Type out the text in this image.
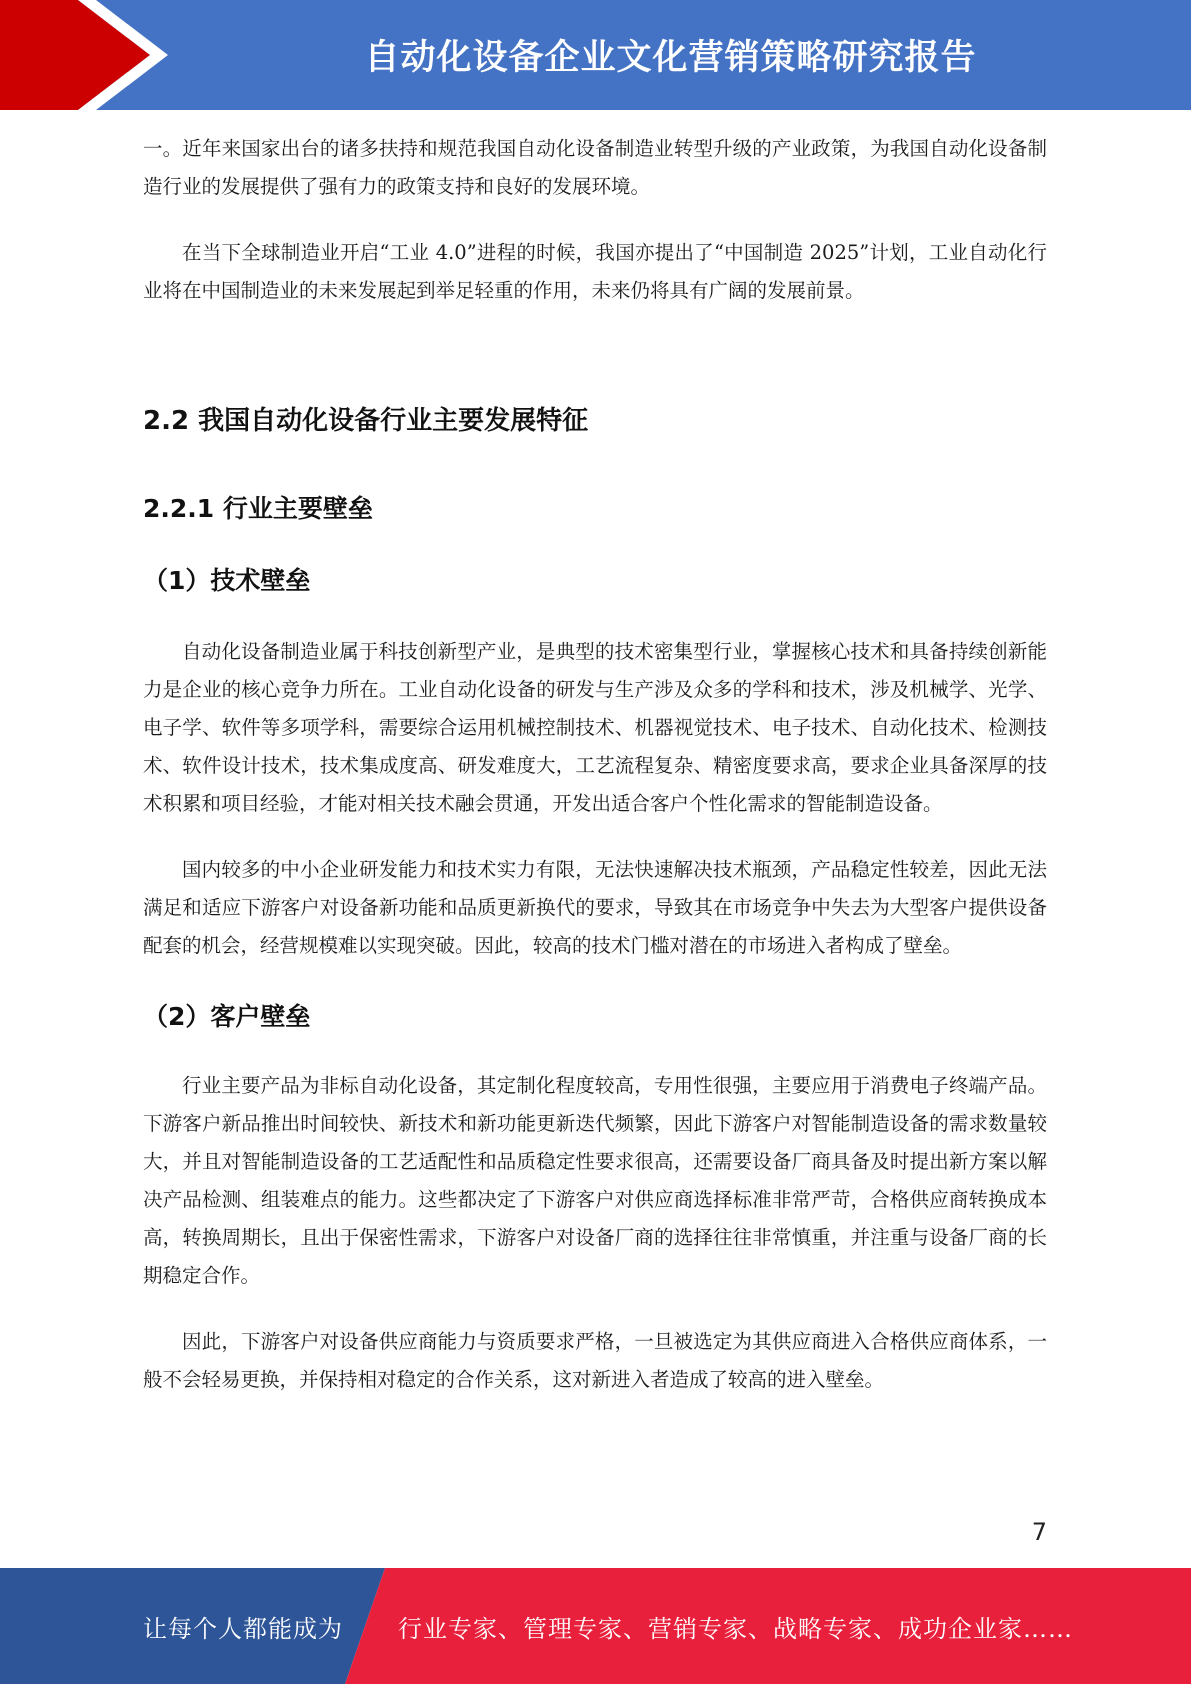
自动化设备企业文化营销策略研究报告

一。近年来国家出台的诸多扶持和规范我国自动化设备制造业转型升级的产业政策，为我国自动化设备制造行业的发展提供了强有力的政策支持和良好的发展环境。

在当下全球制造业开启“工业 4.0”进程的时候，我国亦提出了“中国制造 2025”计划，工业自动化行业将在中国制造业的未来发展起到举足轻重的作用，未来仍将具有广阔的发展前景。

2.2 我国自动化设备行业主要发展特征
2.2.1 行业主要壁垒
（1）技术壁垒

自动化设备制造业属于科技创新型产业，是典型的技术密集型行业，掌握核心技术和具备持续创新能力是企业的核心竞争力所在。工业自动化设备的研发与生产涉及众多的学科和技术，涉及机械学、光学、电子学、软件等多项学科，需要综合运用机械控制技术、机器视觉技术、电子技术、自动化技术、检测技术、软件设计技术，技术集成度高、研发难度大，工艺流程复杂、精密度要求高，要求企业具备深厚的技术积累和项目经验，才能对相关技术融会贯通，开发出适合客户个性化需求的智能制造设备。

国内较多的中小企业研发能力和技术实力有限，无法快速解决技术瓶颈，产品稳定性较差，因此无法满足和适应下游客户对设备新功能和品质更新换代的要求，导致其在市场竞争中失去为大型客户提供设备配套的机会，经营规模难以实现突破。因此，较高的技术门槛对潜在的市场进入者构成了壁垒。

（2）客户壁垒

行业主要产品为非标自动化设备，其定制化程度较高，专用性很强，主要应用于消费电子终端产品。下游客户新品推出时间较快、新技术和新功能更新迭代频繁，因此下游客户对智能制造设备的需求数量较大，并且对智能制造设备的工艺适配性和品质稳定性要求很高，还需要设备厂商具备及时提出新方案以解决产品检测、组装难点的能力。这些都决定了下游客户对供应商选择标准非常严苛，合格供应商转换成本高，转换周期长，且出于保密性需求，下游客户对设备厂商的选择往往非常慎重，并注重与设备厂商的长期稳定合作。

因此，下游客户对设备供应商能力与资质要求严格，一旦被选定为其供应商进入合格供应商体系，一般不会轻易更换，并保持相对稳定的合作关系，这对新进入者造成了较高的进入壁垒。

7
让每个人都能成为 行业专家、管理专家、营销专家、战略专家、成功企业家……
